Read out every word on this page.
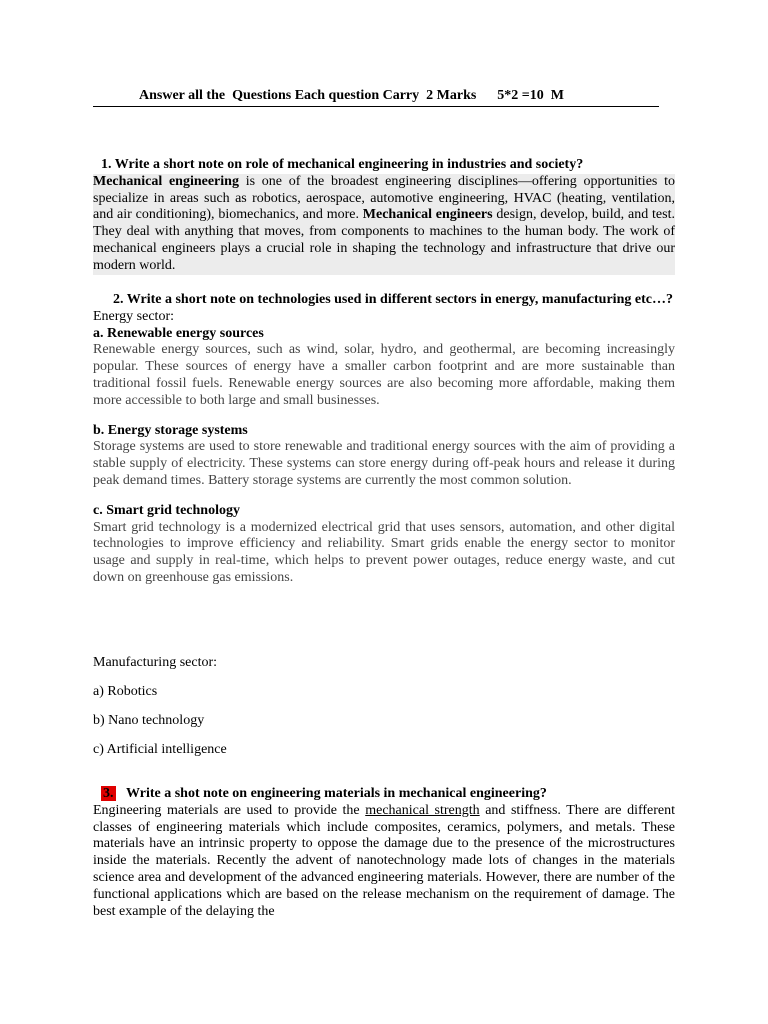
Answer all the  Questions Each question Carry  2 Marks      5*2 =10  M
1. Write a short note on role of mechanical engineering in industries and society?
Mechanical engineering is one of the broadest engineering disciplines—offering opportunities to specialize in areas such as robotics, aerospace, automotive engineering, HVAC (heating, ventilation, and air conditioning), biomechanics, and more. Mechanical engineers design, develop, build, and test. They deal with anything that moves, from components to machines to the human body. The work of mechanical engineers plays a crucial role in shaping the technology and infrastructure that drive our modern world.
2. Write a short note on technologies used in different sectors in energy, manufacturing etc…?
Energy sector:
a. Renewable energy sources
Renewable energy sources, such as wind, solar, hydro, and geothermal, are becoming increasingly popular. These sources of energy have a smaller carbon footprint and are more sustainable than traditional fossil fuels. Renewable energy sources are also becoming more affordable, making them more accessible to both large and small businesses.
b. Energy storage systems
Storage systems are used to store renewable and traditional energy sources with the aim of providing a stable supply of electricity. These systems can store energy during off-peak hours and release it during peak demand times. Battery storage systems are currently the most common solution.
c. Smart grid technology
Smart grid technology is a modernized electrical grid that uses sensors, automation, and other digital technologies to improve efficiency and reliability. Smart grids enable the energy sector to monitor usage and supply in real-time, which helps to prevent power outages, reduce energy waste, and cut down on greenhouse gas emissions.
Manufacturing sector:
a) Robotics
b) Nano technology
c) Artificial intelligence
3. Write a shot note on engineering materials in mechanical engineering?
Engineering materials are used to provide the mechanical strength and stiffness. There are different classes of engineering materials which include composites, ceramics, polymers, and metals. These materials have an intrinsic property to oppose the damage due to the presence of the microstructures inside the materials. Recently the advent of nanotechnology made lots of changes in the materials science area and development of the advanced engineering materials. However, there are number of the functional applications which are based on the release mechanism on the requirement of damage. The best example of the delaying the
